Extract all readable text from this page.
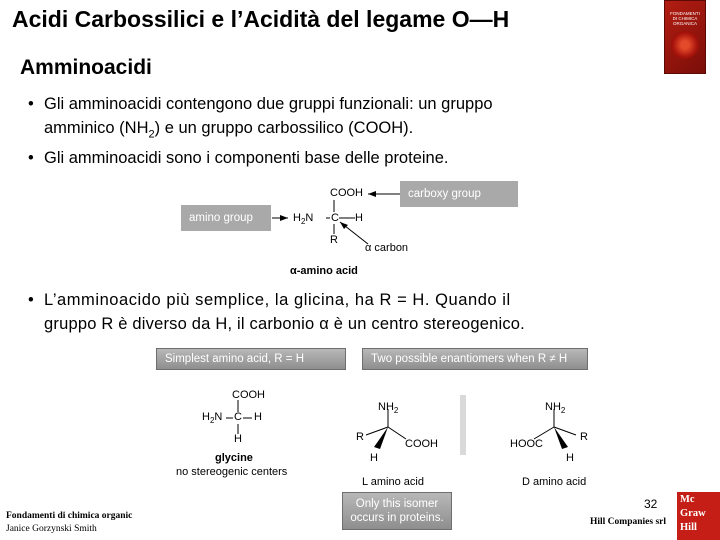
Acidi Carbossilici e l’Acidità del legame O—H	FONDAMENTI
DI CHIMICA
ORGANICA
Amminoacidi
• Gli amminoacidi contengono due gruppi funzionali: un gruppo
amminico $(NH_2)$ e un gruppo carbossilico (COOH).
• Gli amminoacidi sono i componenti base delle proteine.
carboxy group
amino group
COOH
$H_2N$ C H
R
α carbon
α-amino acid
• L’amminoacido più semplice, la glicina, ha R = H. Quando il
gruppo R è diverso da H, il carbonio α è un centro stereogenico.
Simplest amino acid, R = H
COOH
$H_2N$ C H
H
glycine
no stereogenic centers
Two possible enantiomers when R ≠ H
$NH_2$
R
COOH
H
L amino acid
$NH_2$
R
HOOC
H
D amino acid
Only this isomer
occurs in proteins.
Fondamenti di chimica organic
Janice Gorzynski Smith
32
Hill Companies srl
Mc
Graw
Hill
